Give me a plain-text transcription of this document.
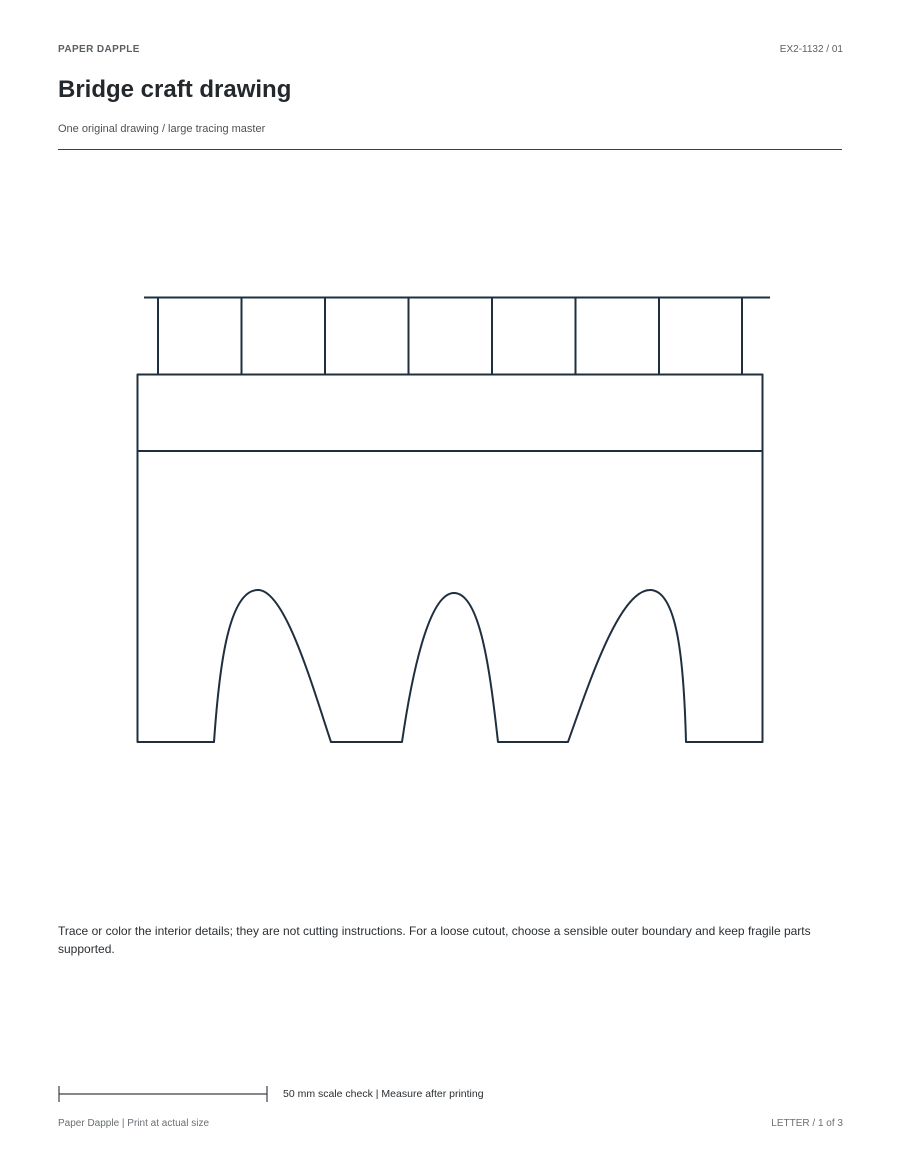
PAPER DAPPLE	EX2-1132 / 01
Bridge craft drawing
One original drawing / large tracing master
Trace or color the interior details; they are not cutting instructions. For a loose cutout, choose a sensible outer boundary and keep fragile parts supported.
50 mm scale check | Measure after printing
Paper Dapple | Print at actual size	LETTER / 1 of 3
